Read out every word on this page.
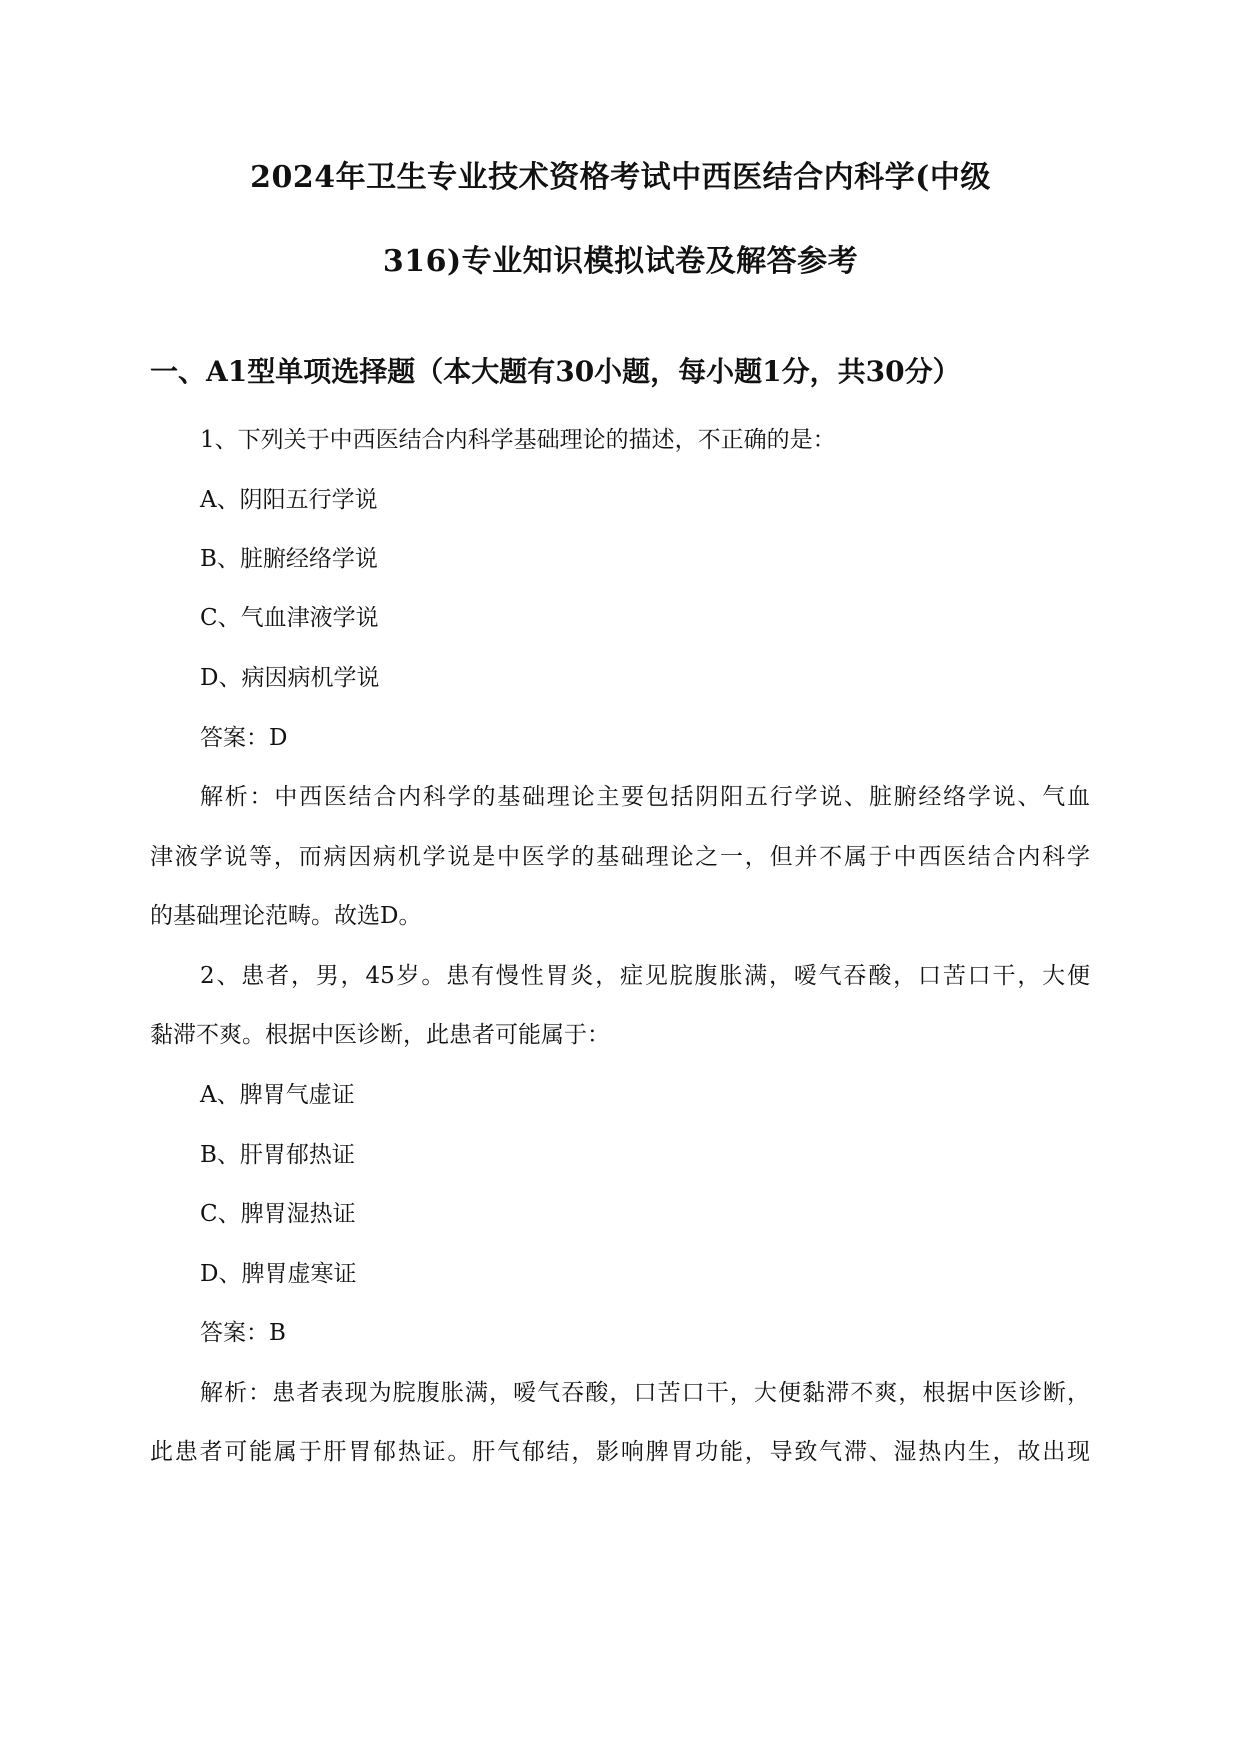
2024年卫生专业技术资格考试中西医结合内科学(中级
316)专业知识模拟试卷及解答参考
一、A1型单项选择题（本大题有30小题，每小题1分，共30分）
1、下列关于中西医结合内科学基础理论的描述，不正确的是：
A、阴阳五行学说
B、脏腑经络学说
C、气血津液学说
D、病因病机学说
答案：D
解析：中西医结合内科学的基础理论主要包括阴阳五行学说、脏腑经络学说、气血
津液学说等，而病因病机学说是中医学的基础理论之一，但并不属于中西医结合内科学
的基础理论范畴。故选D。
2、患者，男，45岁。患有慢性胃炎，症见脘腹胀满，嗳气吞酸，口苦口干，大便
黏滞不爽。根据中医诊断，此患者可能属于：
A、脾胃气虚证
B、肝胃郁热证
C、脾胃湿热证
D、脾胃虚寒证
答案：B
解析：患者表现为脘腹胀满，嗳气吞酸，口苦口干，大便黏滞不爽，根据中医诊断，
此患者可能属于肝胃郁热证。肝气郁结，影响脾胃功能，导致气滞、湿热内生，故出现
